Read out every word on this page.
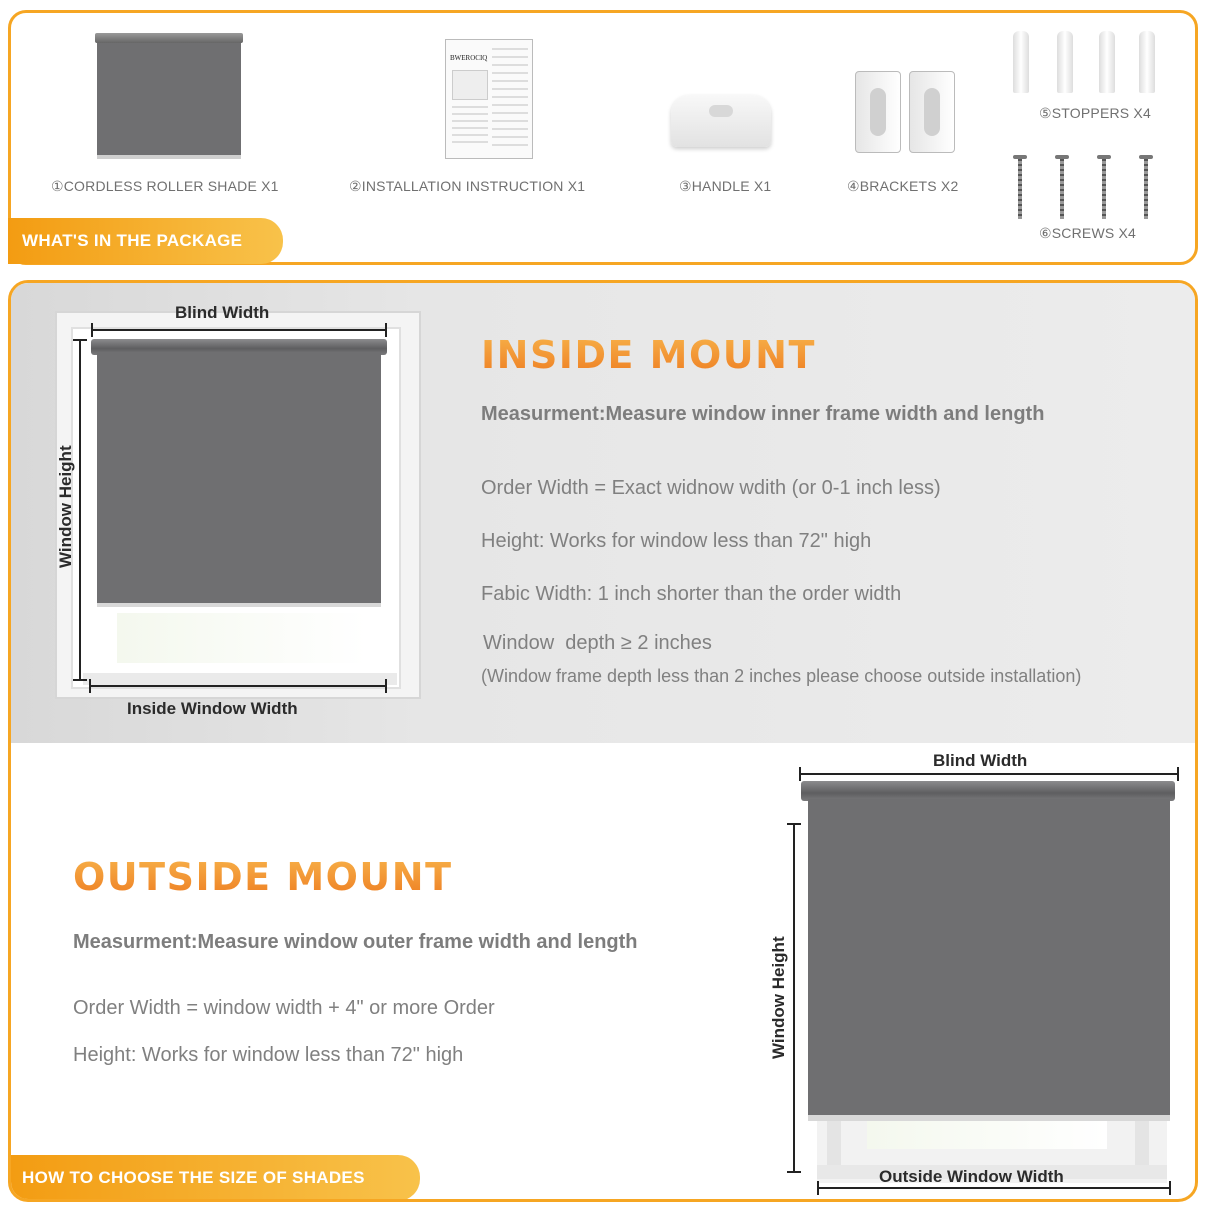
①CORDLESS ROLLER SHADE X1
BWEROCIQ
②INSTALLATION INSTRUCTION X1	③HANDLE X1	④BRACKETS X2
⑤STOPPERS X4
⑥SCREWS X4
WHAT'S IN THE PACKAGE
Blind Width
Window Height
Inside Window Width
INSIDE MOUNT
Measurment:Measure window inner frame width and length
Order Width = Exact widnow wdith (or 0-1 inch less)
Height: Works for window less than 72" high
Fabic Width: 1 inch shorter than the order width
Window  depth ≥ 2 inches
(Window frame depth less than 2 inches please choose outside installation)
OUTSIDE MOUNT
Measurment:Measure window outer frame width and length
Order Width = window width + 4" or more Order
Height: Works for window less than 72" high
Blind Width
Window Height
Outside Window Width
HOW TO CHOOSE THE SIZE OF SHADES
